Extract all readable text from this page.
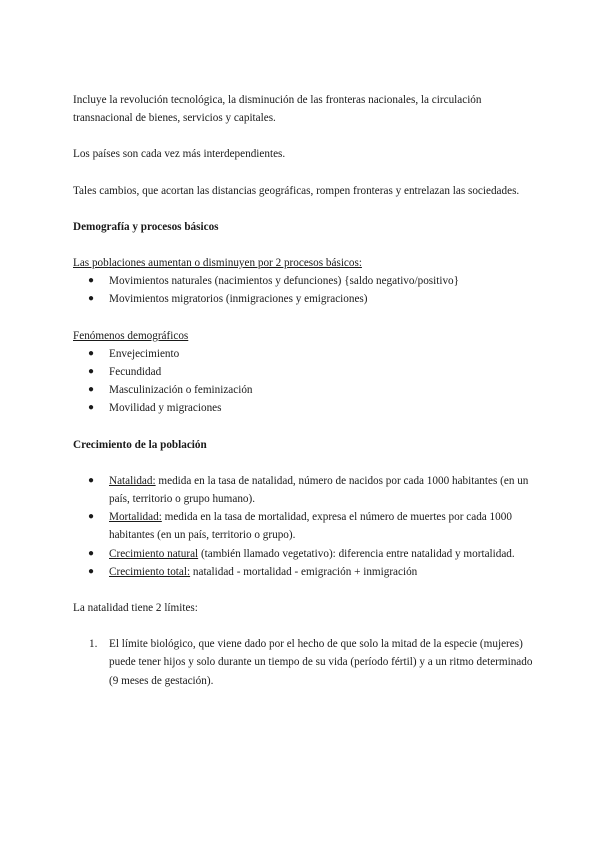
Incluye la revolución tecnológica, la disminución de las fronteras nacionales, la circulación transnacional de bienes, servicios y capitales.

Los países son cada vez más interdependientes.

Tales cambios, que acortan las distancias geográficas, rompen fronteras y entrelazan las sociedades.

Demografía y procesos básicos

Las poblaciones aumentan o disminuyen por 2 procesos básicos:

● Movimientos naturales (nacimientos y defunciones) {saldo negativo/positivo}
● Movimientos migratorios (inmigraciones y emigraciones)

Fenómenos demográficos

● Envejecimiento
● Fecundidad
● Masculinización o feminización
● Movilidad y migraciones

Crecimiento de la población

● Natalidad: medida en la tasa de natalidad, número de nacidos por cada 1000 habitantes (en un país, territorio o grupo humano).
● Mortalidad: medida en la tasa de mortalidad, expresa el número de muertes por cada 1000 habitantes (en un país, territorio o grupo).
● Crecimiento natural (también llamado vegetativo): diferencia entre natalidad y mortalidad.
● Crecimiento total: natalidad - mortalidad - emigración + inmigración

La natalidad tiene 2 límites:

1. El límite biológico, que viene dado por el hecho de que solo la mitad de la especie (mujeres) puede tener hijos y solo durante un tiempo de su vida (período fértil) y a un ritmo determinado (9 meses de gestación).
